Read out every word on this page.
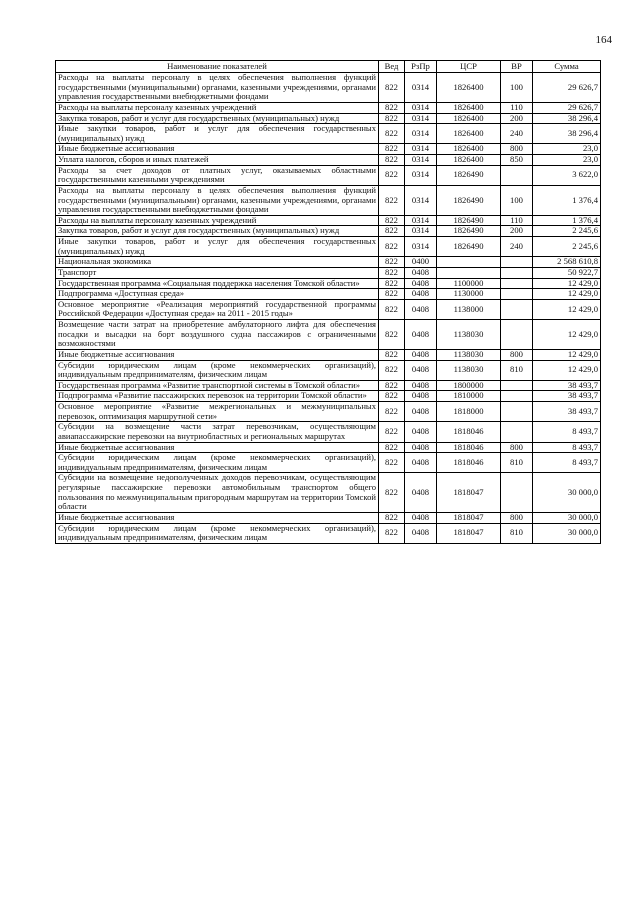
164
Наименование показателей	Вед	РзПр	ЦСР	ВР	Сумма
Расходы на выплаты персоналу в целях обеспечения выполнения функций государственными (муниципальными) органами, казенными учреждениями, органами управления государственными внебюджетными фондами	822	0314	1826400	100	29 626,7
Расходы на выплаты персоналу казенных учреждений	822	0314	1826400	110	29 626,7
Закупка товаров, работ и услуг для государственных (муниципальных) нужд	822	0314	1826400	200	38 296,4
Иные закупки товаров, работ и услуг для обеспечения государственных (муниципальных) нужд	822	0314	1826400	240	38 296,4
Иные бюджетные ассигнования	822	0314	1826400	800	23,0
Уплата налогов, сборов и иных платежей	822	0314	1826400	850	23,0
Расходы за счет доходов от платных услуг, оказываемых областными государственными казенными учреждениями	822	0314	1826490		3 622,0
Расходы на выплаты персоналу в целях обеспечения выполнения функций государственными (муниципальными) органами, казенными учреждениями, органами управления государственными внебюджетными фондами	822	0314	1826490	100	1 376,4
Расходы на выплаты персоналу казенных учреждений	822	0314	1826490	110	1 376,4
Закупка товаров, работ и услуг для государственных (муниципальных) нужд	822	0314	1826490	200	2 245,6
Иные закупки товаров, работ и услуг для обеспечения государственных (муниципальных) нужд	822	0314	1826490	240	2 245,6
Национальная экономика	822	0400			2 568 610,8
Транспорт	822	0408			50 922,7
Государственная программа «Социальная поддержка населения Томской области»	822	0408	1100000		12 429,0
Подпрограмма «Доступная среда»	822	0408	1130000		12 429,0
Основное мероприятие «Реализация мероприятий государственной программы Российской Федерации «Доступная среда» на 2011 - 2015 годы»	822	0408	1138000		12 429,0
Возмещение части затрат на приобретение амбулаторного лифта для обеспечения посадки и высадки на борт воздушного судна пассажиров с ограниченными возможностями	822	0408	1138030		12 429,0
Иные бюджетные ассигнования	822	0408	1138030	800	12 429,0
Субсидии юридическим лицам (кроме некоммерческих организаций), индивидуальным предпринимателям, физическим лицам	822	0408	1138030	810	12 429,0
Государственная программа «Развитие транспортной системы в Томской области»	822	0408	1800000		38 493,7
Подпрограмма «Развитие пассажирских перевозок на территории Томской области»	822	0408	1810000		38 493,7
Основное мероприятие «Развитие межрегиональных и межмуниципальных перевозок, оптимизация маршрутной сети»	822	0408	1818000		38 493,7
Субсидии на возмещение части затрат перевозчикам, осуществляющим авиапассажирские перевозки на внутриобластных и региональных маршрутах	822	0408	1818046		8 493,7
Иные бюджетные ассигнования	822	0408	1818046	800	8 493,7
Субсидии юридическим лицам (кроме некоммерческих организаций), индивидуальным предпринимателям, физическим лицам	822	0408	1818046	810	8 493,7
Субсидии на возмещение недополученных доходов перевозчикам, осуществляющим регулярные пассажирские перевозки автомобильным транспортом общего пользования по межмуниципальным пригородным маршрутам на территории Томской области	822	0408	1818047		30 000,0
Иные бюджетные ассигнования	822	0408	1818047	800	30 000,0
Субсидии юридическим лицам (кроме некоммерческих организаций), индивидуальным предпринимателям, физическим лицам	822	0408	1818047	810	30 000,0
